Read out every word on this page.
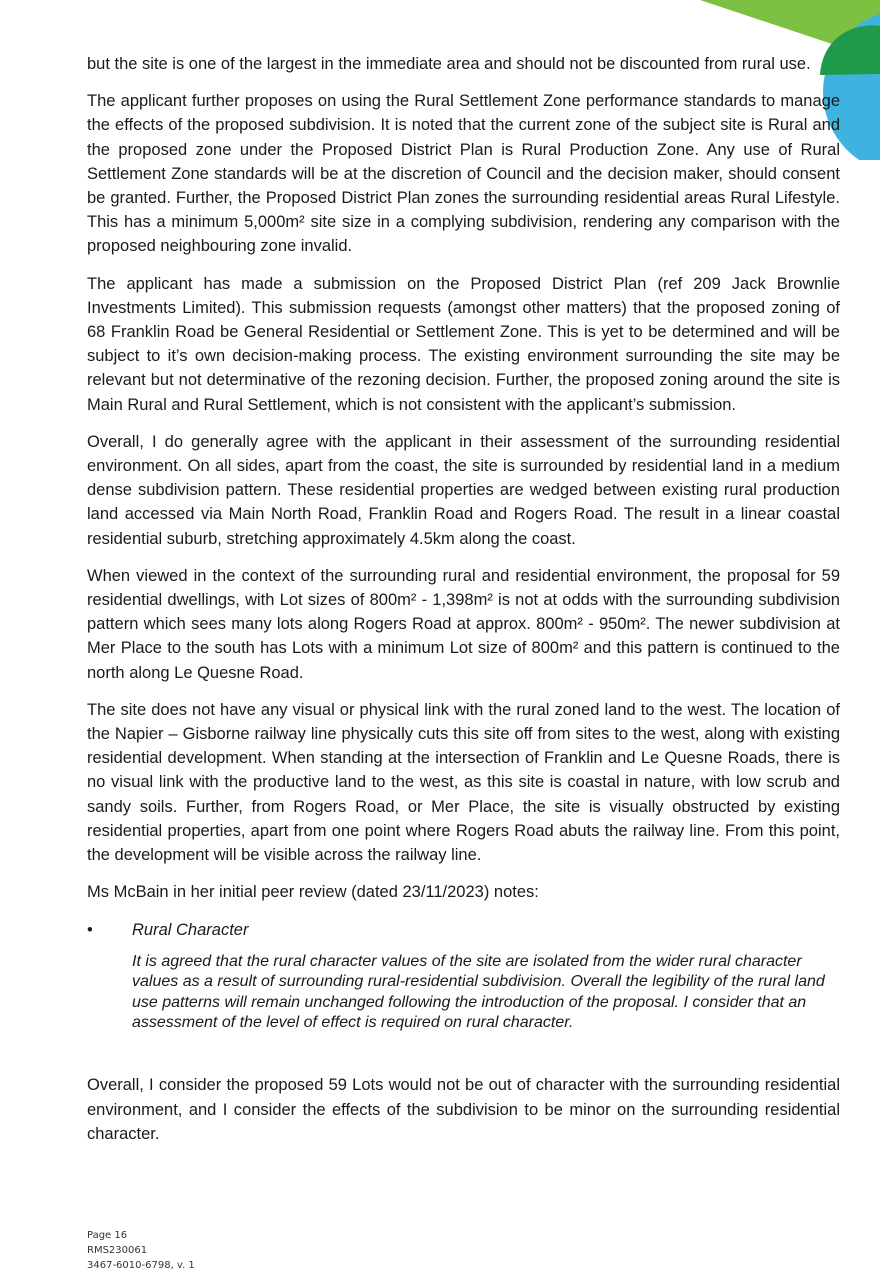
but the site is one of the largest in the immediate area and should not be discounted from rural use.

The applicant further proposes on using the Rural Settlement Zone performance standards to manage the effects of the proposed subdivision. It is noted that the current zone of the subject site is Rural and the proposed zone under the Proposed District Plan is Rural Production Zone. Any use of Rural Settlement Zone standards will be at the discretion of Council and the decision maker, should consent be granted. Further, the Proposed District Plan zones the surrounding residential areas Rural Lifestyle. This has a minimum 5,000m² site size in a complying subdivision, rendering any comparison with the proposed neighbouring zone invalid.

The applicant has made a submission on the Proposed District Plan (ref 209 Jack Brownlie Investments Limited). This submission requests (amongst other matters) that the proposed zoning of 68 Franklin Road be General Residential or Settlement Zone. This is yet to be determined and will be subject to it’s own decision-making process. The existing environment surrounding the site may be relevant but not determinative of the rezoning decision. Further, the proposed zoning around the site is Main Rural and Rural Settlement, which is not consistent with the applicant’s submission.

Overall, I do generally agree with the applicant in their assessment of the surrounding residential environment. On all sides, apart from the coast, the site is surrounded by residential land in a medium dense subdivision pattern. These residential properties are wedged between existing rural production land accessed via Main North Road, Franklin Road and Rogers Road. The result in a linear coastal residential suburb, stretching approximately 4.5km along the coast.

When viewed in the context of the surrounding rural and residential environment, the proposal for 59 residential dwellings, with Lot sizes of 800m² - 1,398m² is not at odds with the surrounding subdivision pattern which sees many lots along Rogers Road at approx. 800m² - 950m². The newer subdivision at Mer Place to the south has Lots with a minimum Lot size of 800m² and this pattern is continued to the north along Le Quesne Road.

The site does not have any visual or physical link with the rural zoned land to the west. The location of the Napier – Gisborne railway line physically cuts this site off from sites to the west, along with existing residential development. When standing at the intersection of Franklin and Le Quesne Roads, there is no visual link with the productive land to the west, as this site is coastal in nature, with low scrub and sandy soils. Further, from Rogers Road, or Mer Place, the site is visually obstructed by existing residential properties, apart from one point where Rogers Road abuts the railway line. From this point, the development will be visible across the railway line.

Ms McBain in her initial peer review (dated 23/11/2023) notes:

•	Rural Character
It is agreed that the rural character values of the site are isolated from the wider rural character values as a result of surrounding rural-residential subdivision. Overall the legibility of the rural land use patterns will remain unchanged following the introduction of the proposal. I consider that an assessment of the level of effect is required on rural character.

Overall, I consider the proposed 59 Lots would not be out of character with the surrounding residential environment, and I consider the effects of the subdivision to be minor on the surrounding residential character.

Page 16
RMS230061
3467-6010-6798, v. 1
